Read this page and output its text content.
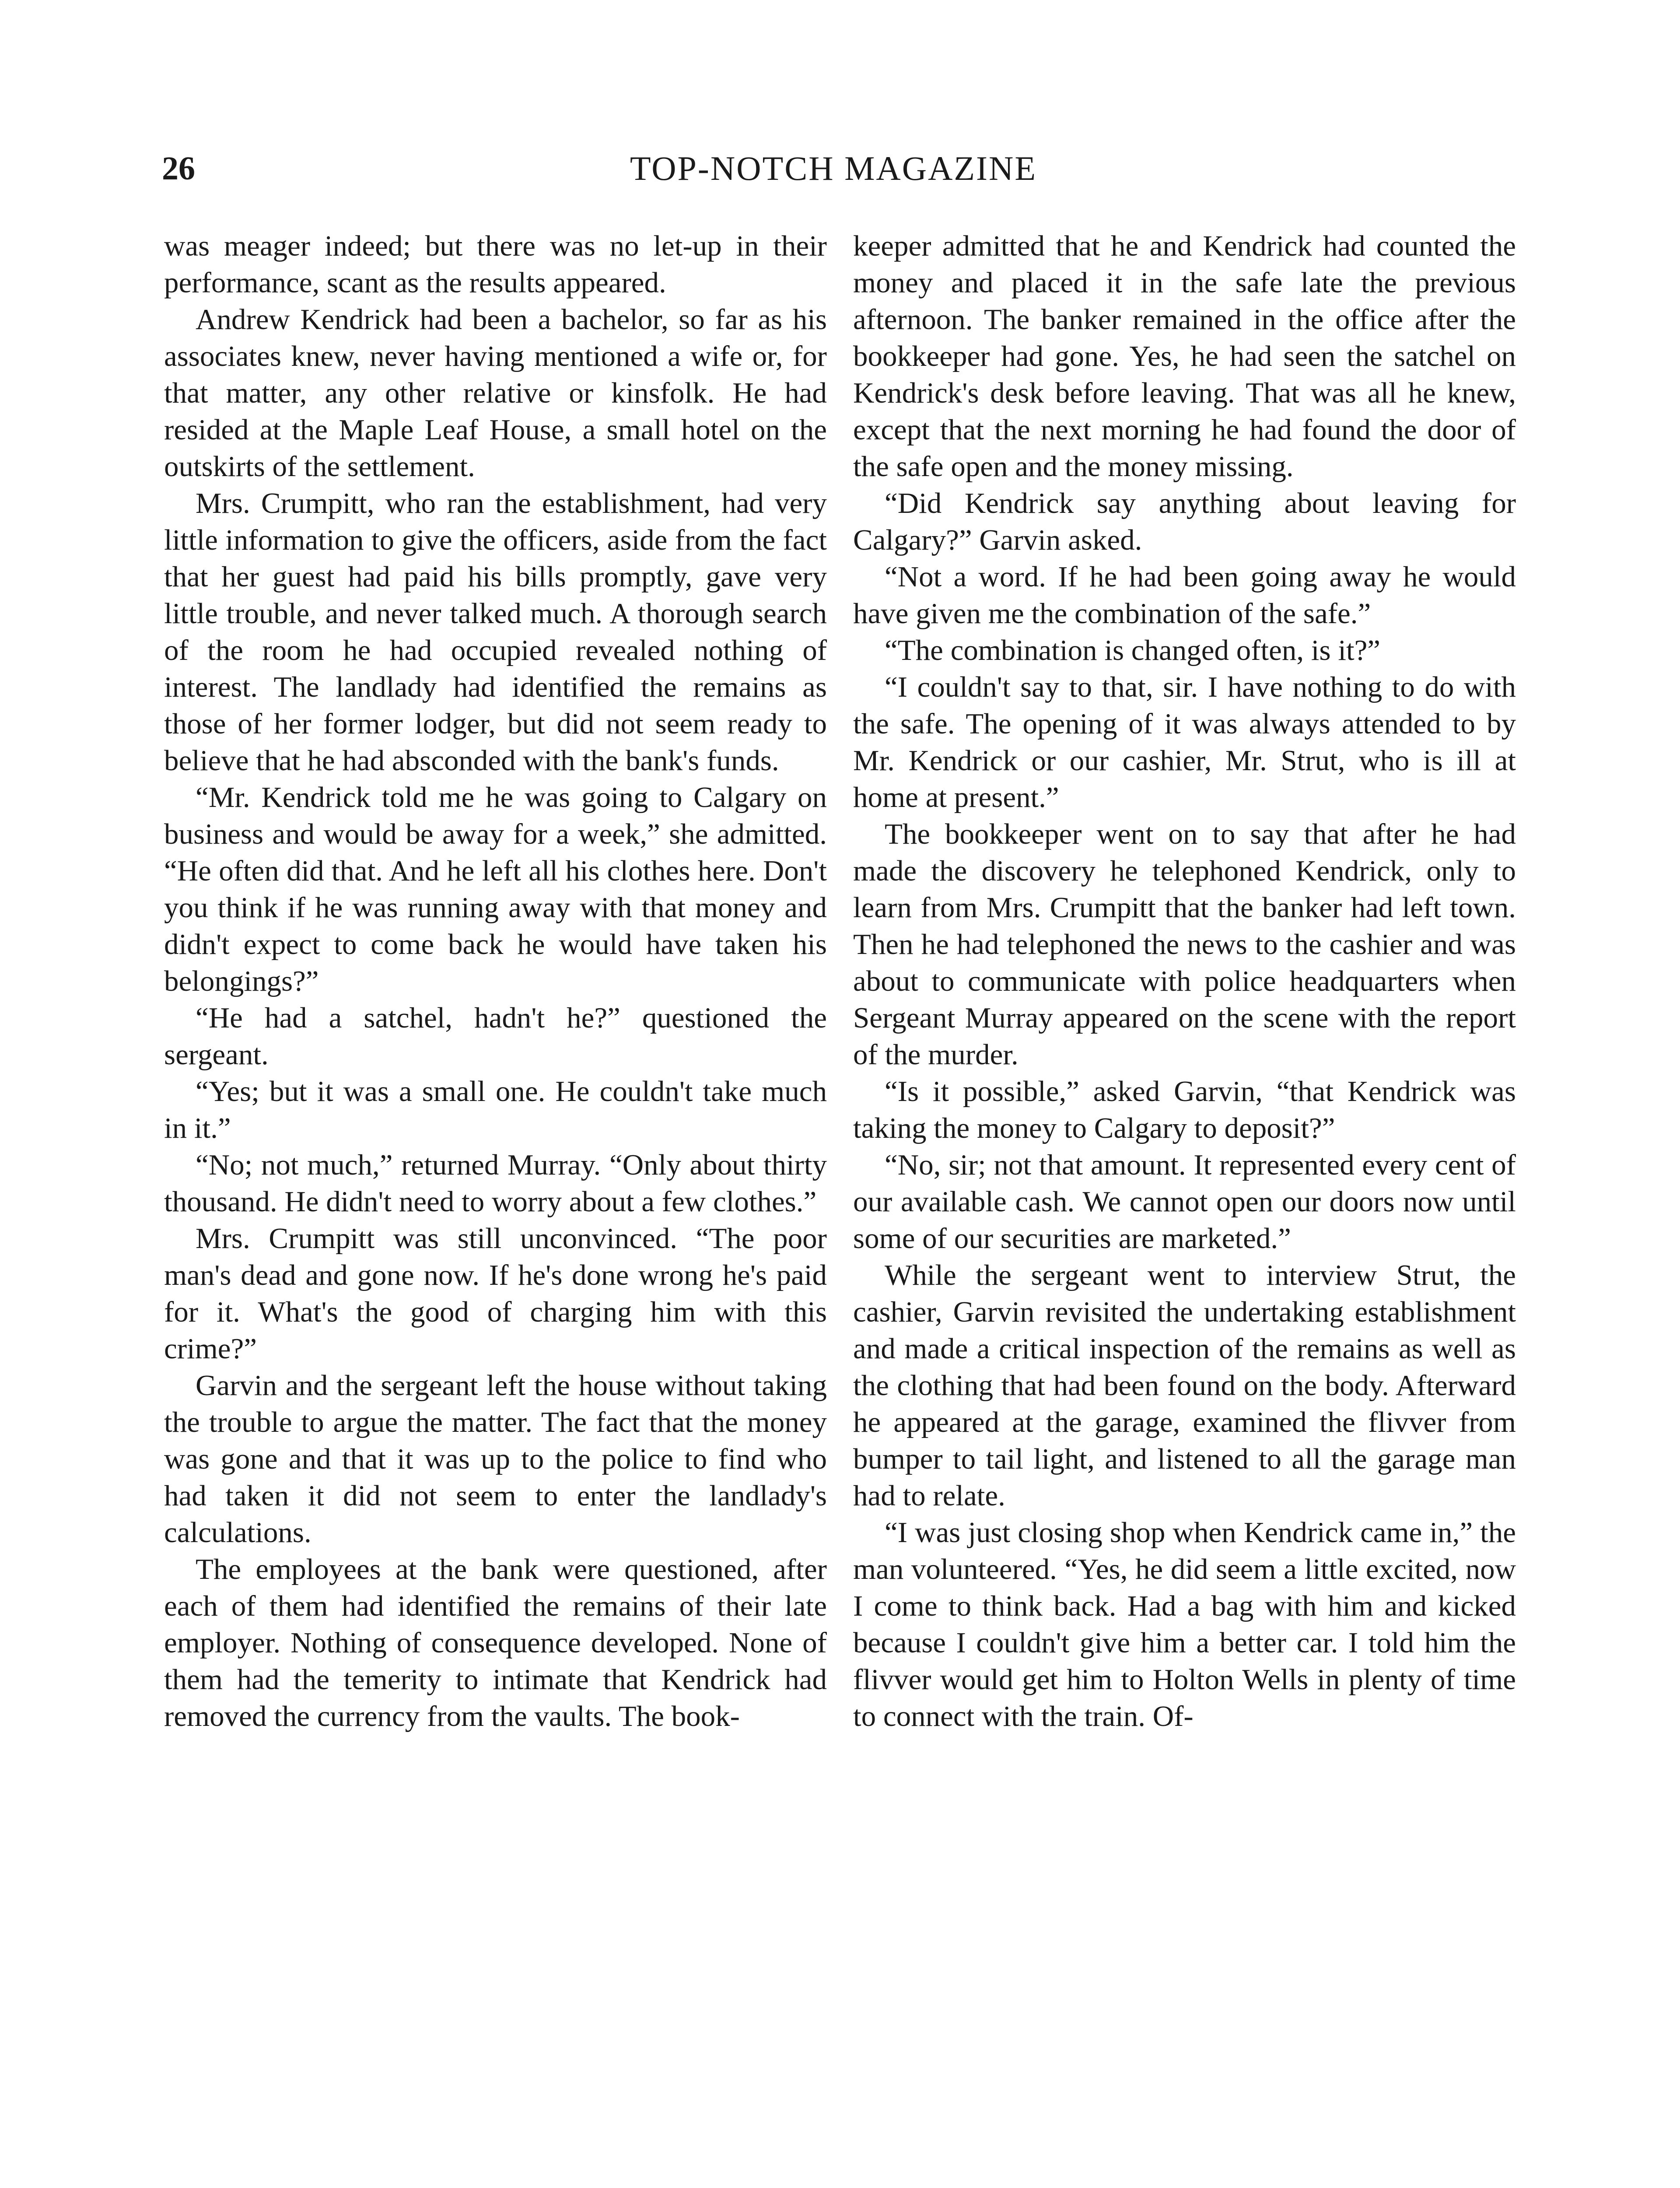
26	TOP-NOTCH MAGAZINE

was meager indeed; but there was no let-up in their performance, scant as the results appeared.

Andrew Kendrick had been a bachelor, so far as his associates knew, never having mentioned a wife or, for that matter, any other relative or kinsfolk. He had resided at the Maple Leaf House, a small hotel on the outskirts of the settlement.

Mrs. Crumpitt, who ran the establishment, had very little information to give the officers, aside from the fact that her guest had paid his bills promptly, gave very little trouble, and never talked much. A thorough search of the room he had occupied revealed nothing of interest. The landlady had identified the remains as those of her former lodger, but did not seem ready to believe that he had absconded with the bank's funds.

“Mr. Kendrick told me he was going to Calgary on business and would be away for a week,” she admitted. “He often did that. And he left all his clothes here. Don't you think if he was running away with that money and didn't expect to come back he would have taken his belongings?”

“He had a satchel, hadn't he?” questioned the sergeant.

“Yes; but it was a small one. He couldn't take much in it.”

“No; not much,” returned Murray. “Only about thirty thousand. He didn't need to worry about a few clothes.”

Mrs. Crumpitt was still unconvinced. “The poor man's dead and gone now. If he's done wrong he's paid for it. What's the good of charging him with this crime?”

Garvin and the sergeant left the house without taking the trouble to argue the matter. The fact that the money was gone and that it was up to the police to find who had taken it did not seem to enter the landlady's calculations.

The employees at the bank were questioned, after each of them had identified the remains of their late employer. Nothing of consequence developed. None of them had the temerity to intimate that Kendrick had removed the currency from the vaults. The book-

keeper admitted that he and Kendrick had counted the money and placed it in the safe late the previous afternoon. The banker remained in the office after the bookkeeper had gone. Yes, he had seen the satchel on Kendrick's desk before leaving. That was all he knew, except that the next morning he had found the door of the safe open and the money missing.

“Did Kendrick say anything about leaving for Calgary?” Garvin asked.

“Not a word. If he had been going away he would have given me the combination of the safe.”

“The combination is changed often, is it?”

“I couldn't say to that, sir. I have nothing to do with the safe. The opening of it was always attended to by Mr. Kendrick or our cashier, Mr. Strut, who is ill at home at present.”

The bookkeeper went on to say that after he had made the discovery he telephoned Kendrick, only to learn from Mrs. Crumpitt that the banker had left town. Then he had telephoned the news to the cashier and was about to communicate with police headquarters when Sergeant Murray appeared on the scene with the report of the murder.

“Is it possible,” asked Garvin, “that Kendrick was taking the money to Calgary to deposit?”

“No, sir; not that amount. It represented every cent of our available cash. We cannot open our doors now until some of our securities are marketed.”

While the sergeant went to interview Strut, the cashier, Garvin revisited the undertaking establishment and made a critical inspection of the remains as well as the clothing that had been found on the body. Afterward he appeared at the garage, examined the flivver from bumper to tail light, and listened to all the garage man had to relate.

“I was just closing shop when Kendrick came in,” the man volunteered. “Yes, he did seem a little excited, now I come to think back. Had a bag with him and kicked because I couldn't give him a better car. I told him the flivver would get him to Holton Wells in plenty of time to connect with the train. Of-
